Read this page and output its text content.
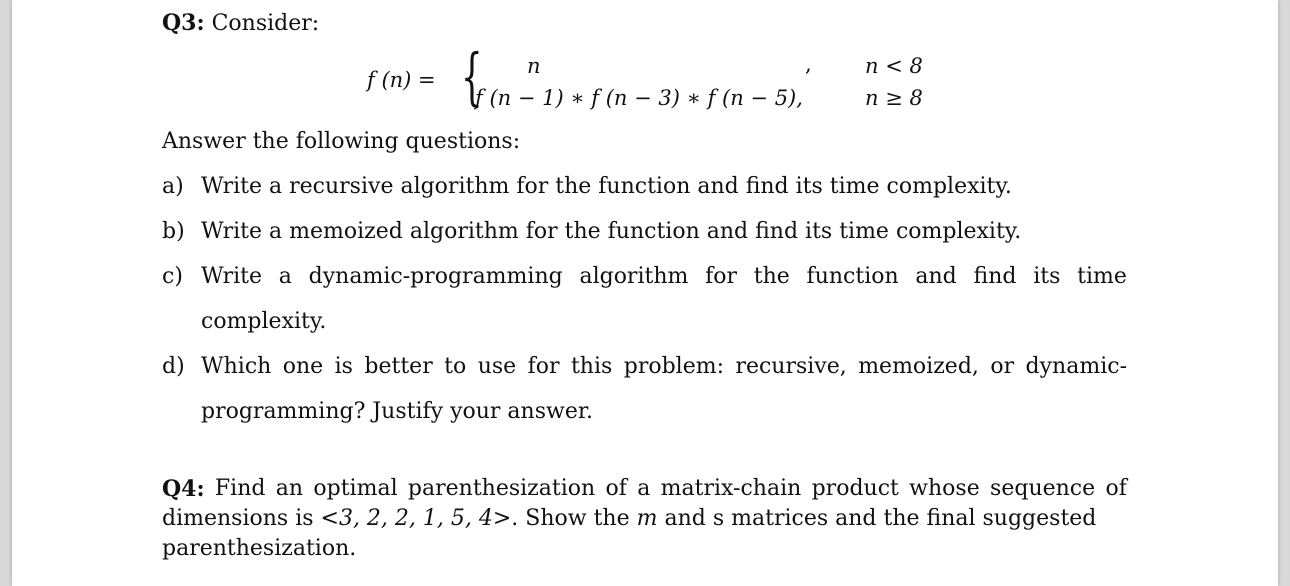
Q3: Consider:
f (n) = { n	,	n < 8
f (n − 1) ∗ f (n − 3) ∗ f (n − 5),	n ≥ 8
Answer the following questions:
a) Write a recursive algorithm for the function and find its time complexity.
b) Write a memoized algorithm for the function and find its time complexity.
c) Write a dynamic-programming algorithm for the function and find its time
complexity.
d) Which one is better to use for this problem: recursive, memoized, or dynamic-
programming? Justify your answer.
Q4: Find an optimal parenthesization of a matrix-chain product whose sequence of
dimensions is <3, 2, 2, 1, 5, 4> . Show the m and s matrices and the final suggested
parenthesization.
